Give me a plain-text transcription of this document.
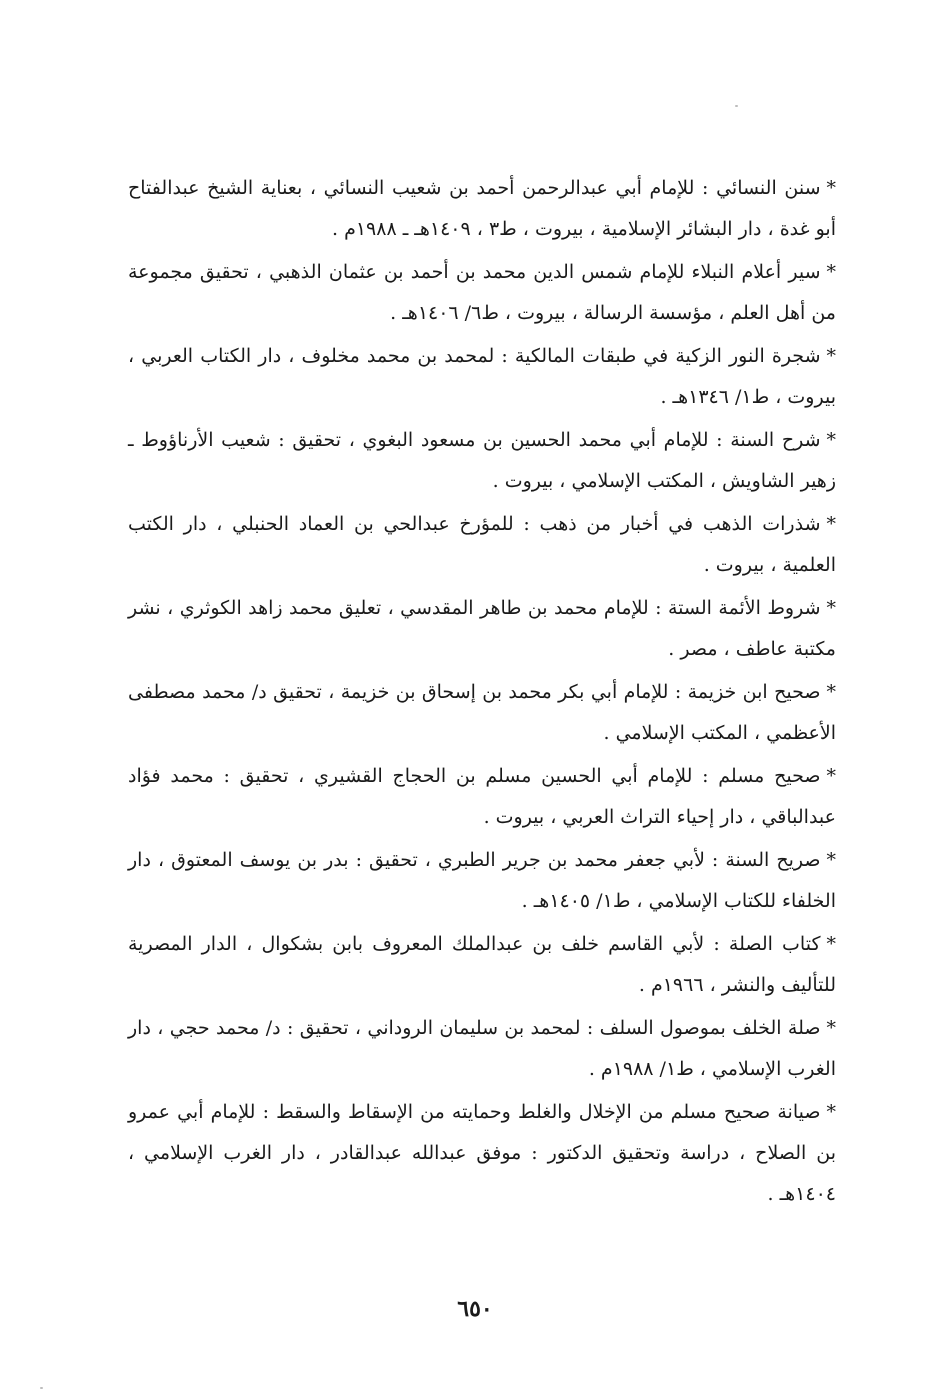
*سنن النسائي : للإمام أبي عبدالرحمن أحمد بن شعيب النسائي ، بعناية الشيخ عبدالفتاح أبو غدة ، دار البشائر الإسلامية ، بيروت ، ط٣ ، ١٤٠٩هـ ـ ١٩٨٨م .

*سير أعلام النبلاء للإمام شمس الدين محمد بن أحمد بن عثمان الذهبي ، تحقيق مجموعة من أهل العلم ، مؤسسة الرسالة ، بيروت ، ط٦/ ١٤٠٦هـ .

*شجرة النور الزكية في طبقات المالكية : لمحمد بن محمد مخلوف ، دار الكتاب العربي ، بيروت ، ط١/ ١٣٤٦هـ .

*شرح السنة : للإمام أبي محمد الحسين بن مسعود البغوي ، تحقيق : شعيب الأرناؤوط ـ زهير الشاويش ، المكتب الإسلامي ، بيروت .

*شذرات الذهب في أخبار من ذهب : للمؤرخ عبدالحي بن العماد الحنبلي ، دار الكتب العلمية ، بيروت .

*شروط الأئمة الستة : للإمام محمد بن طاهر المقدسي ، تعليق محمد زاهد الكوثري ، نشر مكتبة عاطف ، مصر .

*صحيح ابن خزيمة : للإمام أبي بكر محمد بن إسحاق بن خزيمة ، تحقيق د/ محمد مصطفى الأعظمي ، المكتب الإسلامي .

*صحيح مسلم : للإمام أبي الحسين مسلم بن الحجاج القشيري ، تحقيق : محمد فؤاد عبدالباقي ، دار إحياء التراث العربي ، بيروت .

*صريح السنة : لأبي جعفر محمد بن جرير الطبري ، تحقيق : بدر بن يوسف المعتوق ، دار الخلفاء للكتاب الإسلامي ، ط١/ ١٤٠٥هـ .

*كتاب الصلة : لأبي القاسم خلف بن عبدالملك المعروف بابن بشكوال ، الدار المصرية للتأليف والنشر ، ١٩٦٦م .

*صلة الخلف بموصول السلف : لمحمد بن سليمان الروداني ، تحقيق : د/ محمد حجي ، دار الغرب الإسلامي ، ط١/ ١٩٨٨م .

*صيانة صحيح مسلم من الإخلال والغلط وحمايته من الإسقاط والسقط : للإمام أبي عمرو بن الصلاح ، دراسة وتحقيق الدكتور : موفق عبدالله عبدالقادر ، دار الغرب الإسلامي ، ١٤٠٤هـ .

٦٥٠
